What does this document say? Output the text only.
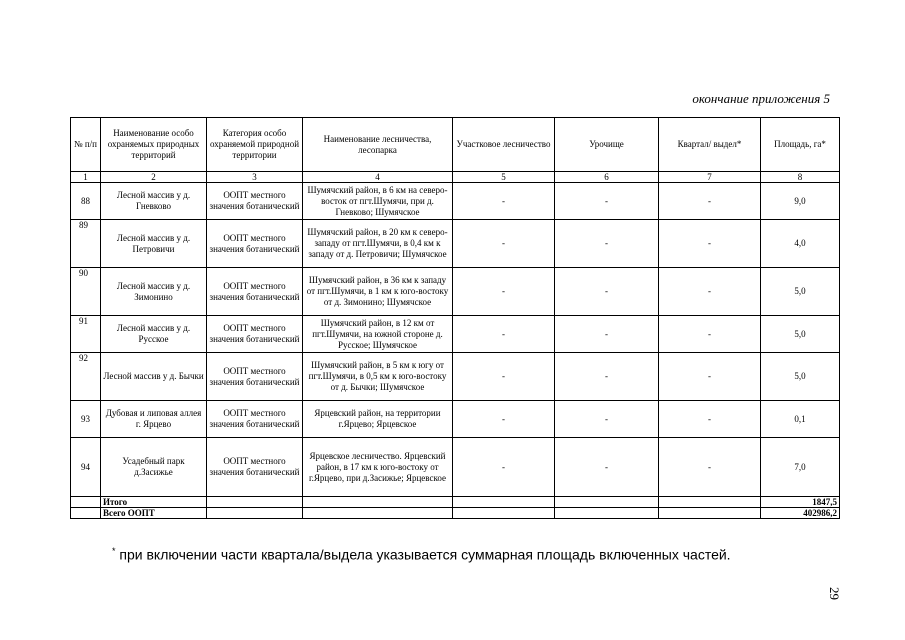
окончание приложения 5
№ п/п	Наименование особо охраняемых природных территорий	Категория особо охраняемой природной территории	Наименование лесничества, лесопарка	Участковое лесничество	Урочище	Квартал/ выдел*	Площадь, га*
1	2	3	4	5	6	7	8
88	Лесной массив у д. Гневково	ООПТ местного значения ботанический	Шумячский район, в 6 км на северо-восток от пгт.Шумячи, при д. Гневково; Шумячское	-	-	-	9,0
89	Лесной массив у д. Петровичи	ООПТ местного значения ботанический	Шумячский район, в 20 км к северо-западу от пгт.Шумячи, в 0,4 км к западу от д. Петровичи; Шумячское	-	-	-	4,0
90	Лесной массив у д. Зимонино	ООПТ местного значения ботанический	Шумячский район, в 36 км к западу от пгт.Шумячи, в 1 км к юго-востоку от д. Зимонино; Шумячское	-	-	-	5,0
91	Лесной массив у д. Русское	ООПТ местного значения ботанический	Шумячский район, в 12 км от пгт.Шумячи, на южной стороне д. Русское; Шумячское	-	-	-	5,0
92	Лесной массив у д. Бычки	ООПТ местного значения ботанический	Шумячский район, в 5 км к югу от пгт.Шумячи, в 0,5 км к юго-востоку от д. Бычки; Шумячское	-	-	-	5,0
93	Дубовая и липовая аллея г. Ярцево	ООПТ местного значения ботанический	Ярцевский район, на территории г.Ярцево; Ярцевское	-	-	-	0,1
94	Усадебный парк д.Засижье	ООПТ местного значения ботанический	Ярцевское лесничество. Ярцевский район, в 17 км к юго-востоку от г.Ярцево, при д.Засижье; Ярцевское	-	-	-	7,0
	Итого						1847,5
	Всего ООПТ						402986,2
* при включении части квартала/выдела указывается суммарная площадь включенных частей.
29
